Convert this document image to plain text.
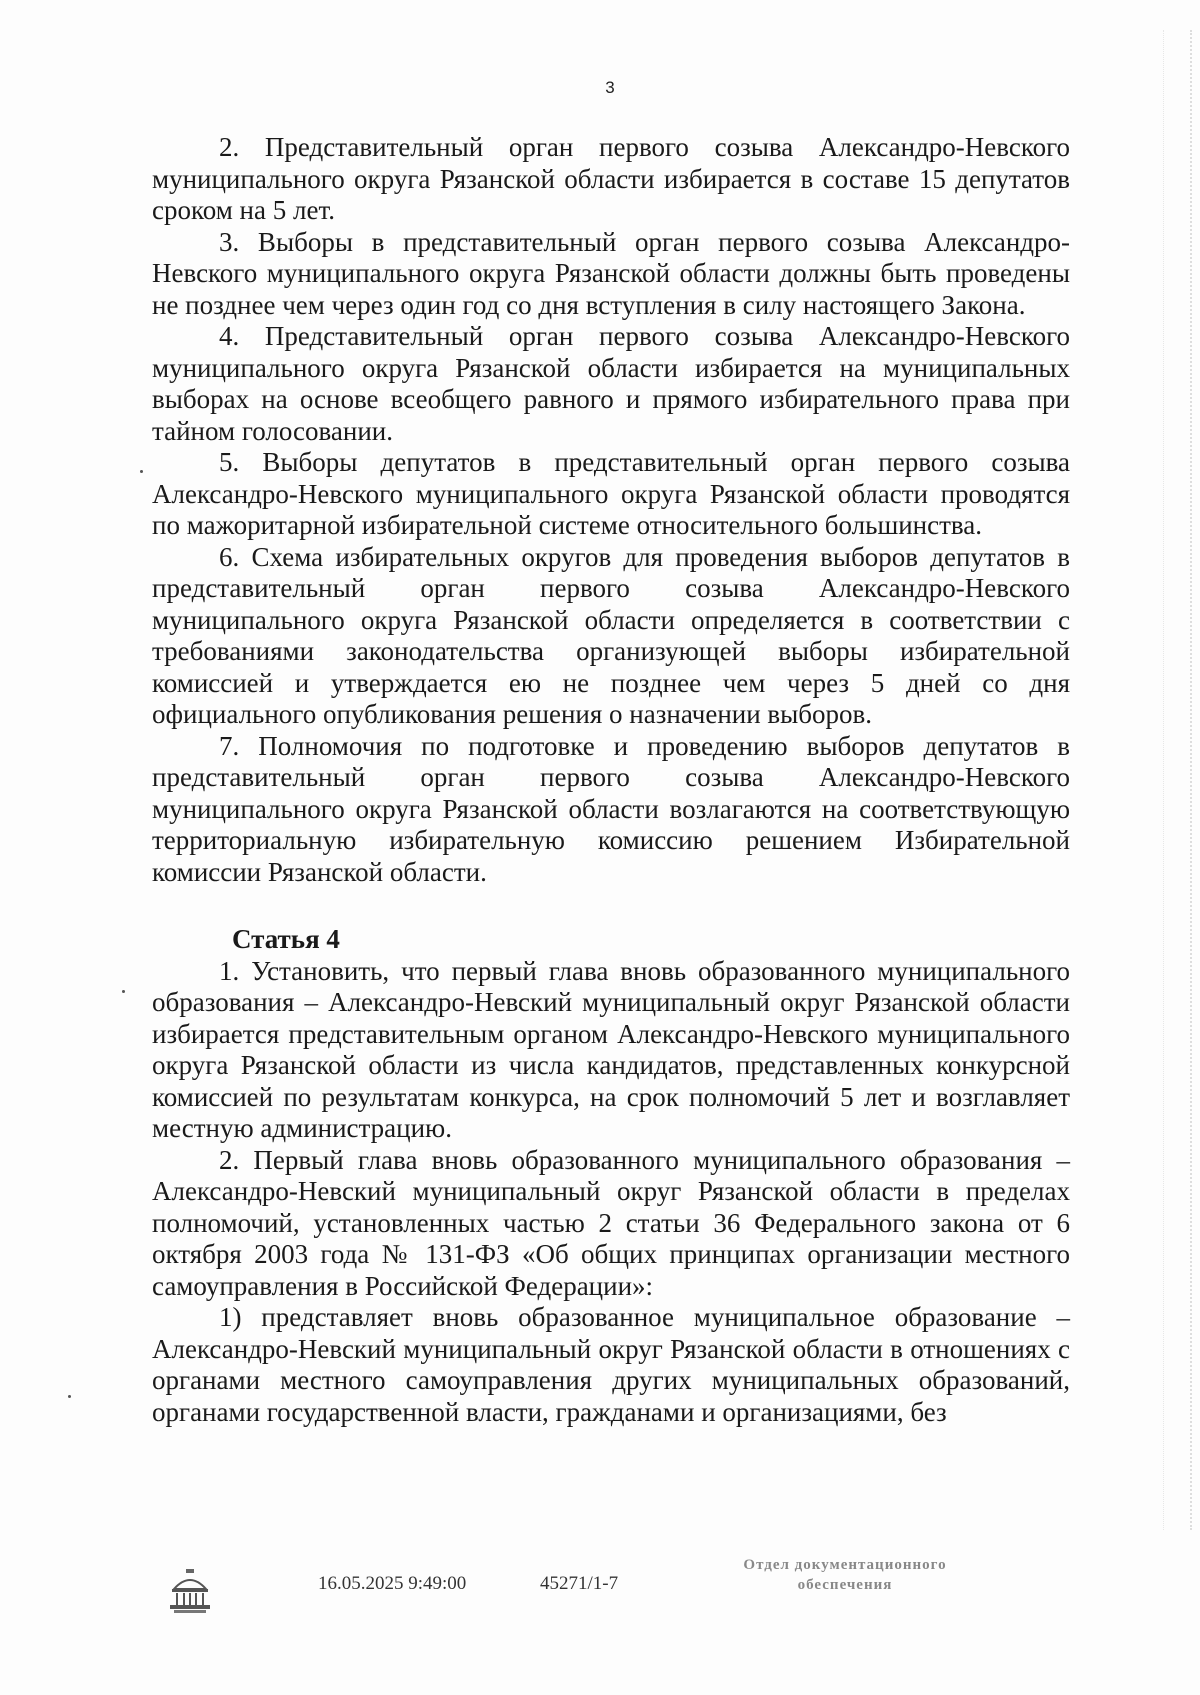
3

2. Представительный орган первого созыва Александро-Невского муниципального округа Рязанской области избирается в составе 15 депутатов сроком на 5 лет.

3. Выборы в представительный орган первого созыва Александро-Невского муниципального округа Рязанской области должны быть проведены не позднее чем через один год со дня вступления в силу настоящего Закона.

4. Представительный орган первого созыва Александро-Невского муниципального округа Рязанской области избирается на муниципальных выборах на основе всеобщего равного и прямого избирательного права при тайном голосовании.

5. Выборы депутатов в представительный орган первого созыва Александро-Невского муниципального округа Рязанской области проводятся по мажоритарной избирательной системе относительного большинства.

6. Схема избирательных округов для проведения выборов депутатов в представительный орган первого созыва Александро-Невского муниципального округа Рязанской области определяется в соответствии с требованиями законодательства организующей выборы избирательной комиссией и утверждается ею не позднее чем через 5 дней со дня официального опубликования решения о назначении выборов.

7. Полномочия по подготовке и проведению выборов депутатов в представительный орган первого созыва Александро-Невского муниципального округа Рязанской области возлагаются на соответствующую территориальную избирательную комиссию решением Избирательной комиссии Рязанской области.

Статья 4

1. Установить, что первый глава вновь образованного муниципального образования – Александро-Невский муниципальный округ Рязанской области избирается представительным органом Александро-Невского муниципального округа Рязанской области из числа кандидатов, представленных конкурсной комиссией по результатам конкурса, на срок полномочий 5 лет и возглавляет местную администрацию.

2. Первый глава вновь образованного муниципального образования – Александро-Невский муниципальный округ Рязанской области в пределах полномочий, установленных частью 2 статьи 36 Федерального закона от 6 октября 2003 года № 131-ФЗ «Об общих принципах организации местного самоуправления в Российской Федерации»:

1) представляет вновь образованное муниципальное образование – Александро-Невский муниципальный округ Рязанской области в отношениях с органами местного самоуправления других муниципальных образований, органами государственной власти, гражданами и организациями, без

16.05.2025 9:49:00	45271/1-7
Отдел документационного
обеспечения
